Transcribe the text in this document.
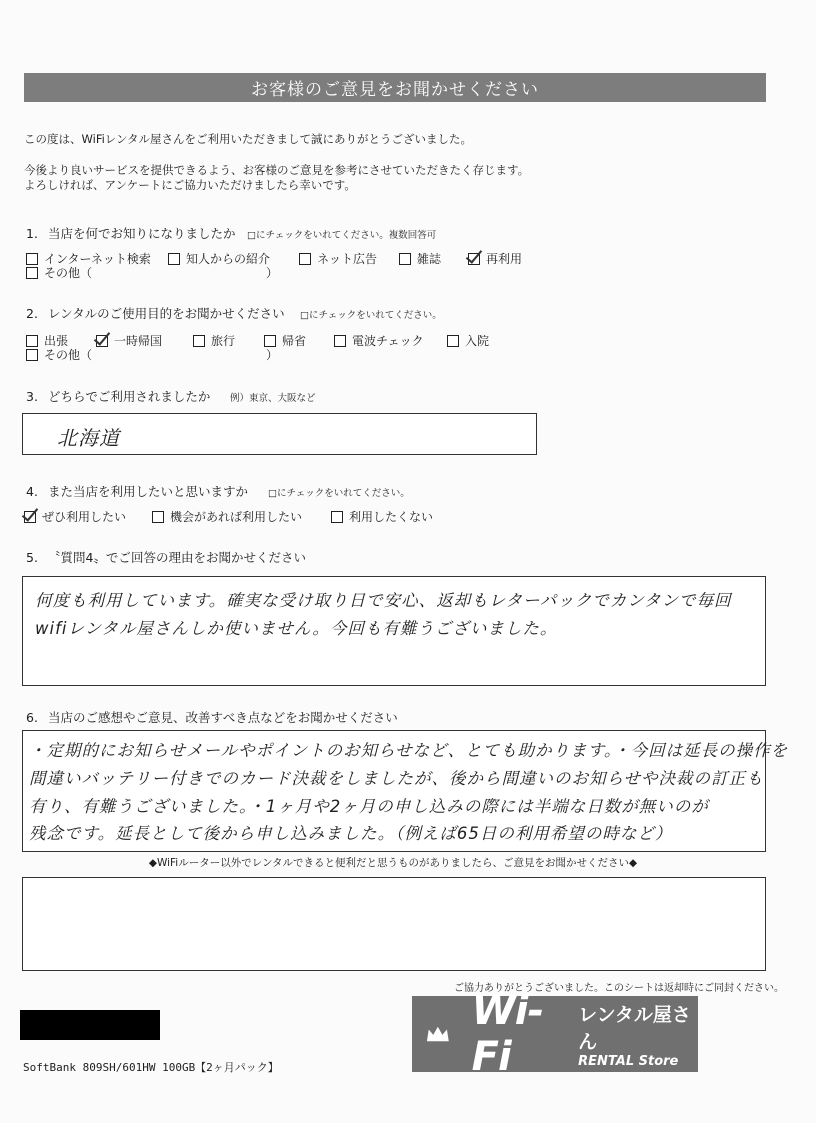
お客様のご意見をお聞かせください
この度は、WiFiレンタル屋さんをご利用いただきまして誠にありがとうございました。
今後より良いサービスを提供できるよう、お客様のご意見を参考にさせていただきたく存じます。
よろしければ、アンケートにご協力いただけましたら幸いです。
1. 当店を何でお知りになりましたか □にチェックをいれてください。複数回答可
インターネット検索	知人からの紹介	ネット広告	雑誌	再利用
その他（	）
2. レンタルのご使用目的をお聞かせください □にチェックをいれてください。
出張	一時帰国	旅行	帰省	電波チェック	入院
その他（	）
3. どちらでご利用されましたか 例）東京、大阪など
北海道
4. また当店を利用したいと思いますか □にチェックをいれてください。
ぜひ利用したい	機会があれば利用したい	利用したくない
5. 〝質問4〟でご回答の理由をお聞かせください
何度も利用しています。確実な受け取り日で安心、返却もレターパックでカンタンで毎回
wifiレンタル屋さんしか使いません。今回も有難うございました。
6. 当店のご感想やご意見、改善すべき点などをお聞かせください
・定期的にお知らせメールやポイントのお知らせなど、とても助かります。・今回は延長の操作を
間違いバッテリー付きでのカード決裁をしましたが、後から間違いのお知らせや決裁の訂正も
有り、有難うございました。・1ヶ月や2ヶ月の申し込みの際には半端な日数が無いのが
残念です。延長として後から申し込みました。（例えば65日の利用希望の時など）
◆WiFiルーター以外でレンタルできると便利だと思うものがありましたら、ご意見をお聞かせください◆
ご協力ありがとうございました。このシートは返却時にご同封ください。
SoftBank 809SH/601HW 100GB【2ヶ月パック】
Wi-Fi
レンタル屋さん
RENTAL Store
